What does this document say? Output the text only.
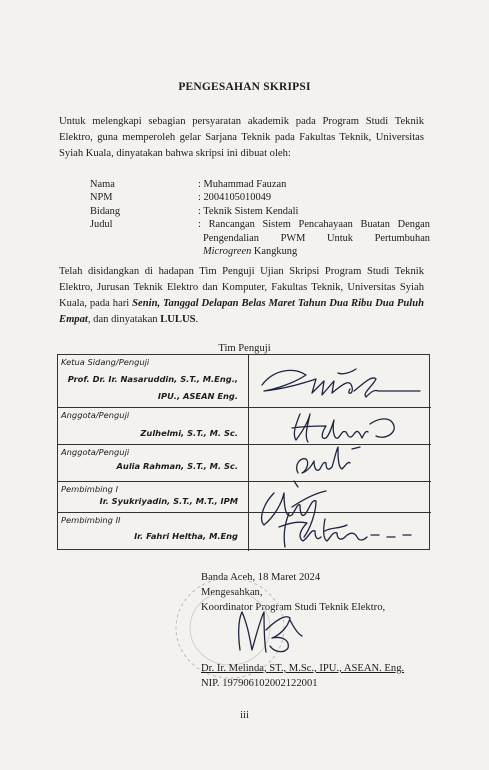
PENGESAHAN SKRIPSI
Untuk melengkapi sebagian persyaratan akademik pada Program Studi Teknik Elektro, guna memperoleh gelar Sarjana Teknik pada Fakultas Teknik, Universitas Syiah Kuala, dinyatakan bahwa skripsi ini dibuat oleh:
Nama	: Muhammad Fauzan
NPM	: 2004105010049
Bidang	: Teknik Sistem Kendali
Judul	: Rancangan Sistem Pencahayaan Buatan Dengan
Pengendalian PWM Untuk Pertumbuhan
Microgreen Kangkung
Telah disidangkan di hadapan Tim Penguji Ujian Skripsi Program Studi Teknik Elektro, Jurusan Teknik Elektro dan Komputer, Fakultas Teknik, Universitas Syiah Kuala, pada hari Senin, Tanggal Delapan Belas Maret Tahun Dua Ribu Dua Puluh Empat, dan dinyatakan LULUS.
Tim Penguji
Ketua Sidang/Penguji
Prof. Dr. Ir. Nasaruddin, S.T., M.Eng.,
IPU., ASEAN Eng.
Anggota/Penguji
Zulhelmi, S.T., M. Sc.
Anggota/Penguji
Aulia Rahman, S.T., M. Sc.
Pembimbing I
Ir. Syukriyadin, S.T., M.T., IPM
Pembimbing II
Ir. Fahri Heltha, M.Eng
Banda Aceh, 18 Maret 2024
Mengesahkan,
Koordinator Program Studi Teknik Elektro,
Dr. Ir. Melinda, ST., M.Sc., IPU., ASEAN. Eng.
NIP. 197906102002122001
iii
